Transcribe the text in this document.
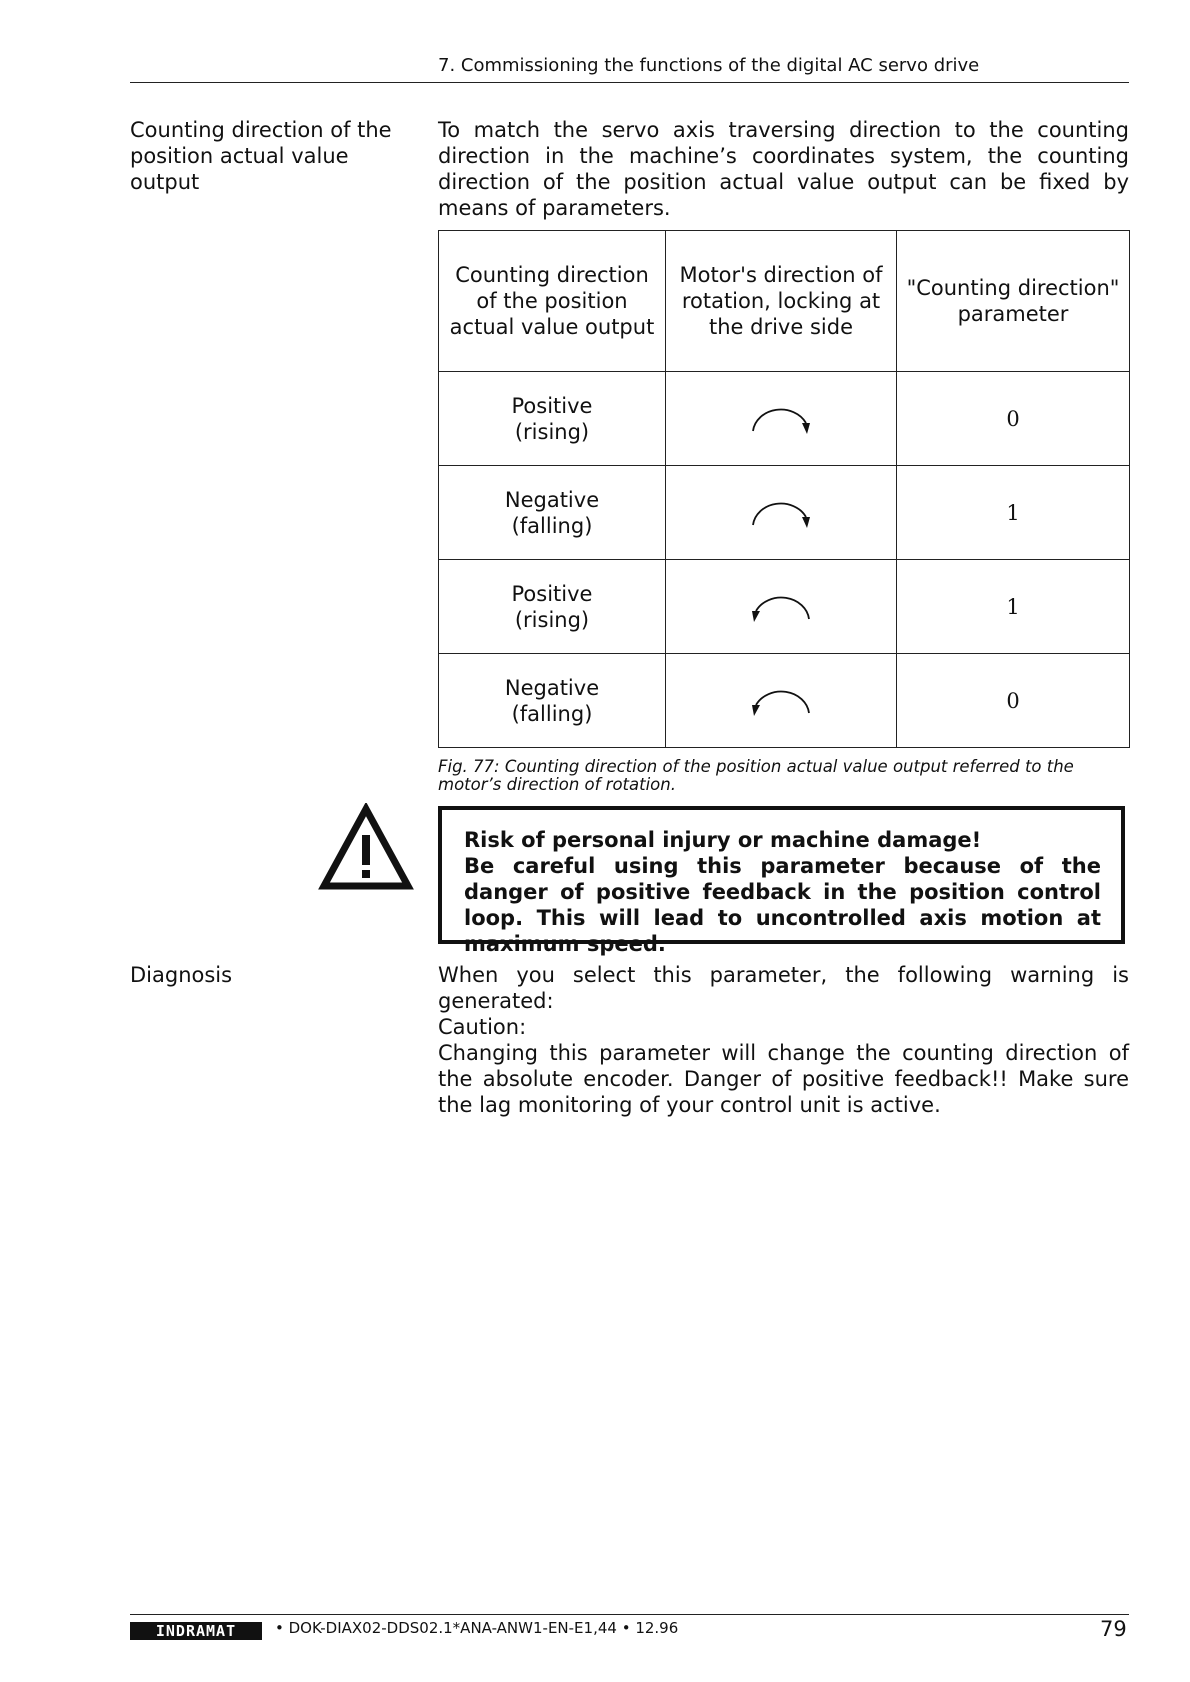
7. Commissioning the functions of the digital AC servo drive
Counting direction of the position actual value output
To match the servo axis traversing direction to the counting direction in the machine’s coordinates system, the counting direction of the position actual value output can be fixed by means of parameters.
Counting direction of the position actual value output	Motor's direction of rotation, locking at the drive side	"Counting direction" parameter
Positive
(rising)		0
Negative
(falling)		1
Positive
(rising)		1
Negative
(falling)		0
Fig. 77: Counting direction of the position actual value output referred to the motor’s direction of rotation.
Risk of personal injury or machine damage!
Be careful using this parameter because of the danger of positive feedback in the position control loop. This will lead to uncontrolled axis motion at maximum speed.
Diagnosis	When you select this parameter, the following warning is generated:
Caution:
Changing this parameter will change the counting direction of the absolute encoder. Danger of positive feedback!! Make sure the lag monitoring of your control unit is active.
INDRAMAT	• DOK-DIAX02-DDS02.1*ANA-ANW1-EN-E1,44 • 12.96	79
